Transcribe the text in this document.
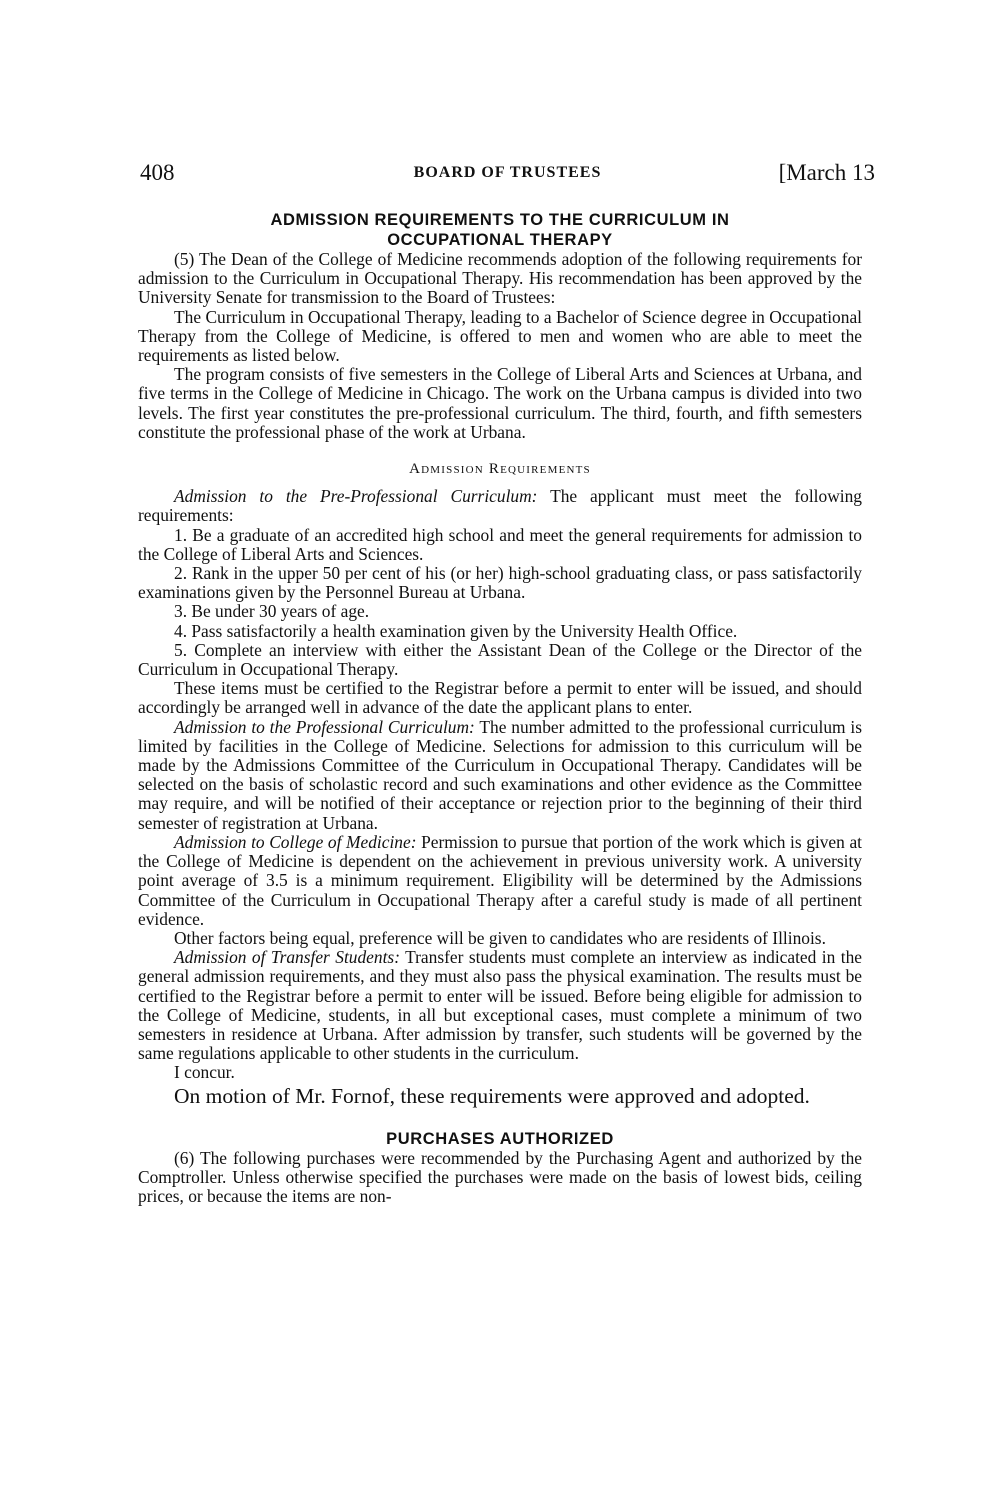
408	BOARD OF TRUSTEES	[March 13

ADMISSION REQUIREMENTS TO THE CURRICULUM IN

OCCUPATIONAL THERAPY

(5) The Dean of the College of Medicine recommends adoption of the following requirements for admission to the Curriculum in Occupational Therapy. His recommendation has been approved by the University Senate for transmission to the Board of Trustees:

The Curriculum in Occupational Therapy, leading to a Bachelor of Science degree in Occupational Therapy from the College of Medicine, is offered to men and women who are able to meet the requirements as listed below.

The program consists of five semesters in the College of Liberal Arts and Sciences at Urbana, and five terms in the College of Medicine in Chicago. The work on the Urbana campus is divided into two levels. The first year constitutes the pre-professional curriculum. The third, fourth, and fifth semesters constitute the professional phase of the work at Urbana.

Admission Requirements

Admission to the Pre-Professional Curriculum: The applicant must meet the following requirements:

1. Be a graduate of an accredited high school and meet the general requirements for admission to the College of Liberal Arts and Sciences.

2. Rank in the upper 50 per cent of his (or her) high-school graduating class, or pass satisfactorily examinations given by the Personnel Bureau at Urbana.

3. Be under 30 years of age.

4. Pass satisfactorily a health examination given by the University Health Office.

5. Complete an interview with either the Assistant Dean of the College or the Director of the Curriculum in Occupational Therapy.

These items must be certified to the Registrar before a permit to enter will be issued, and should accordingly be arranged well in advance of the date the applicant plans to enter.

Admission to the Professional Curriculum: The number admitted to the professional curriculum is limited by facilities in the College of Medicine. Selections for admission to this curriculum will be made by the Admissions Committee of the Curriculum in Occupational Therapy. Candidates will be selected on the basis of scholastic record and such examinations and other evidence as the Committee may require, and will be notified of their acceptance or rejection prior to the beginning of their third semester of registration at Urbana.

Admission to College of Medicine: Permission to pursue that portion of the work which is given at the College of Medicine is dependent on the achievement in previous university work. A university point average of 3.5 is a minimum requirement. Eligibility will be determined by the Admissions Committee of the Curriculum in Occupational Therapy after a careful study is made of all pertinent evidence.

Other factors being equal, preference will be given to candidates who are residents of Illinois.

Admission of Transfer Students: Transfer students must complete an interview as indicated in the general admission requirements, and they must also pass the physical examination. The results must be certified to the Registrar before a permit to enter will be issued. Before being eligible for admission to the College of Medicine, students, in all but exceptional cases, must complete a minimum of two semesters in residence at Urbana. After admission by transfer, such students will be governed by the same regulations applicable to other students in the curriculum.

I concur.

On motion of Mr. Fornof, these requirements were approved and adopted.

PURCHASES AUTHORIZED

(6) The following purchases were recommended by the Purchasing Agent and authorized by the Comptroller. Unless otherwise specified the purchases were made on the basis of lowest bids, ceiling prices, or because the items are non-
